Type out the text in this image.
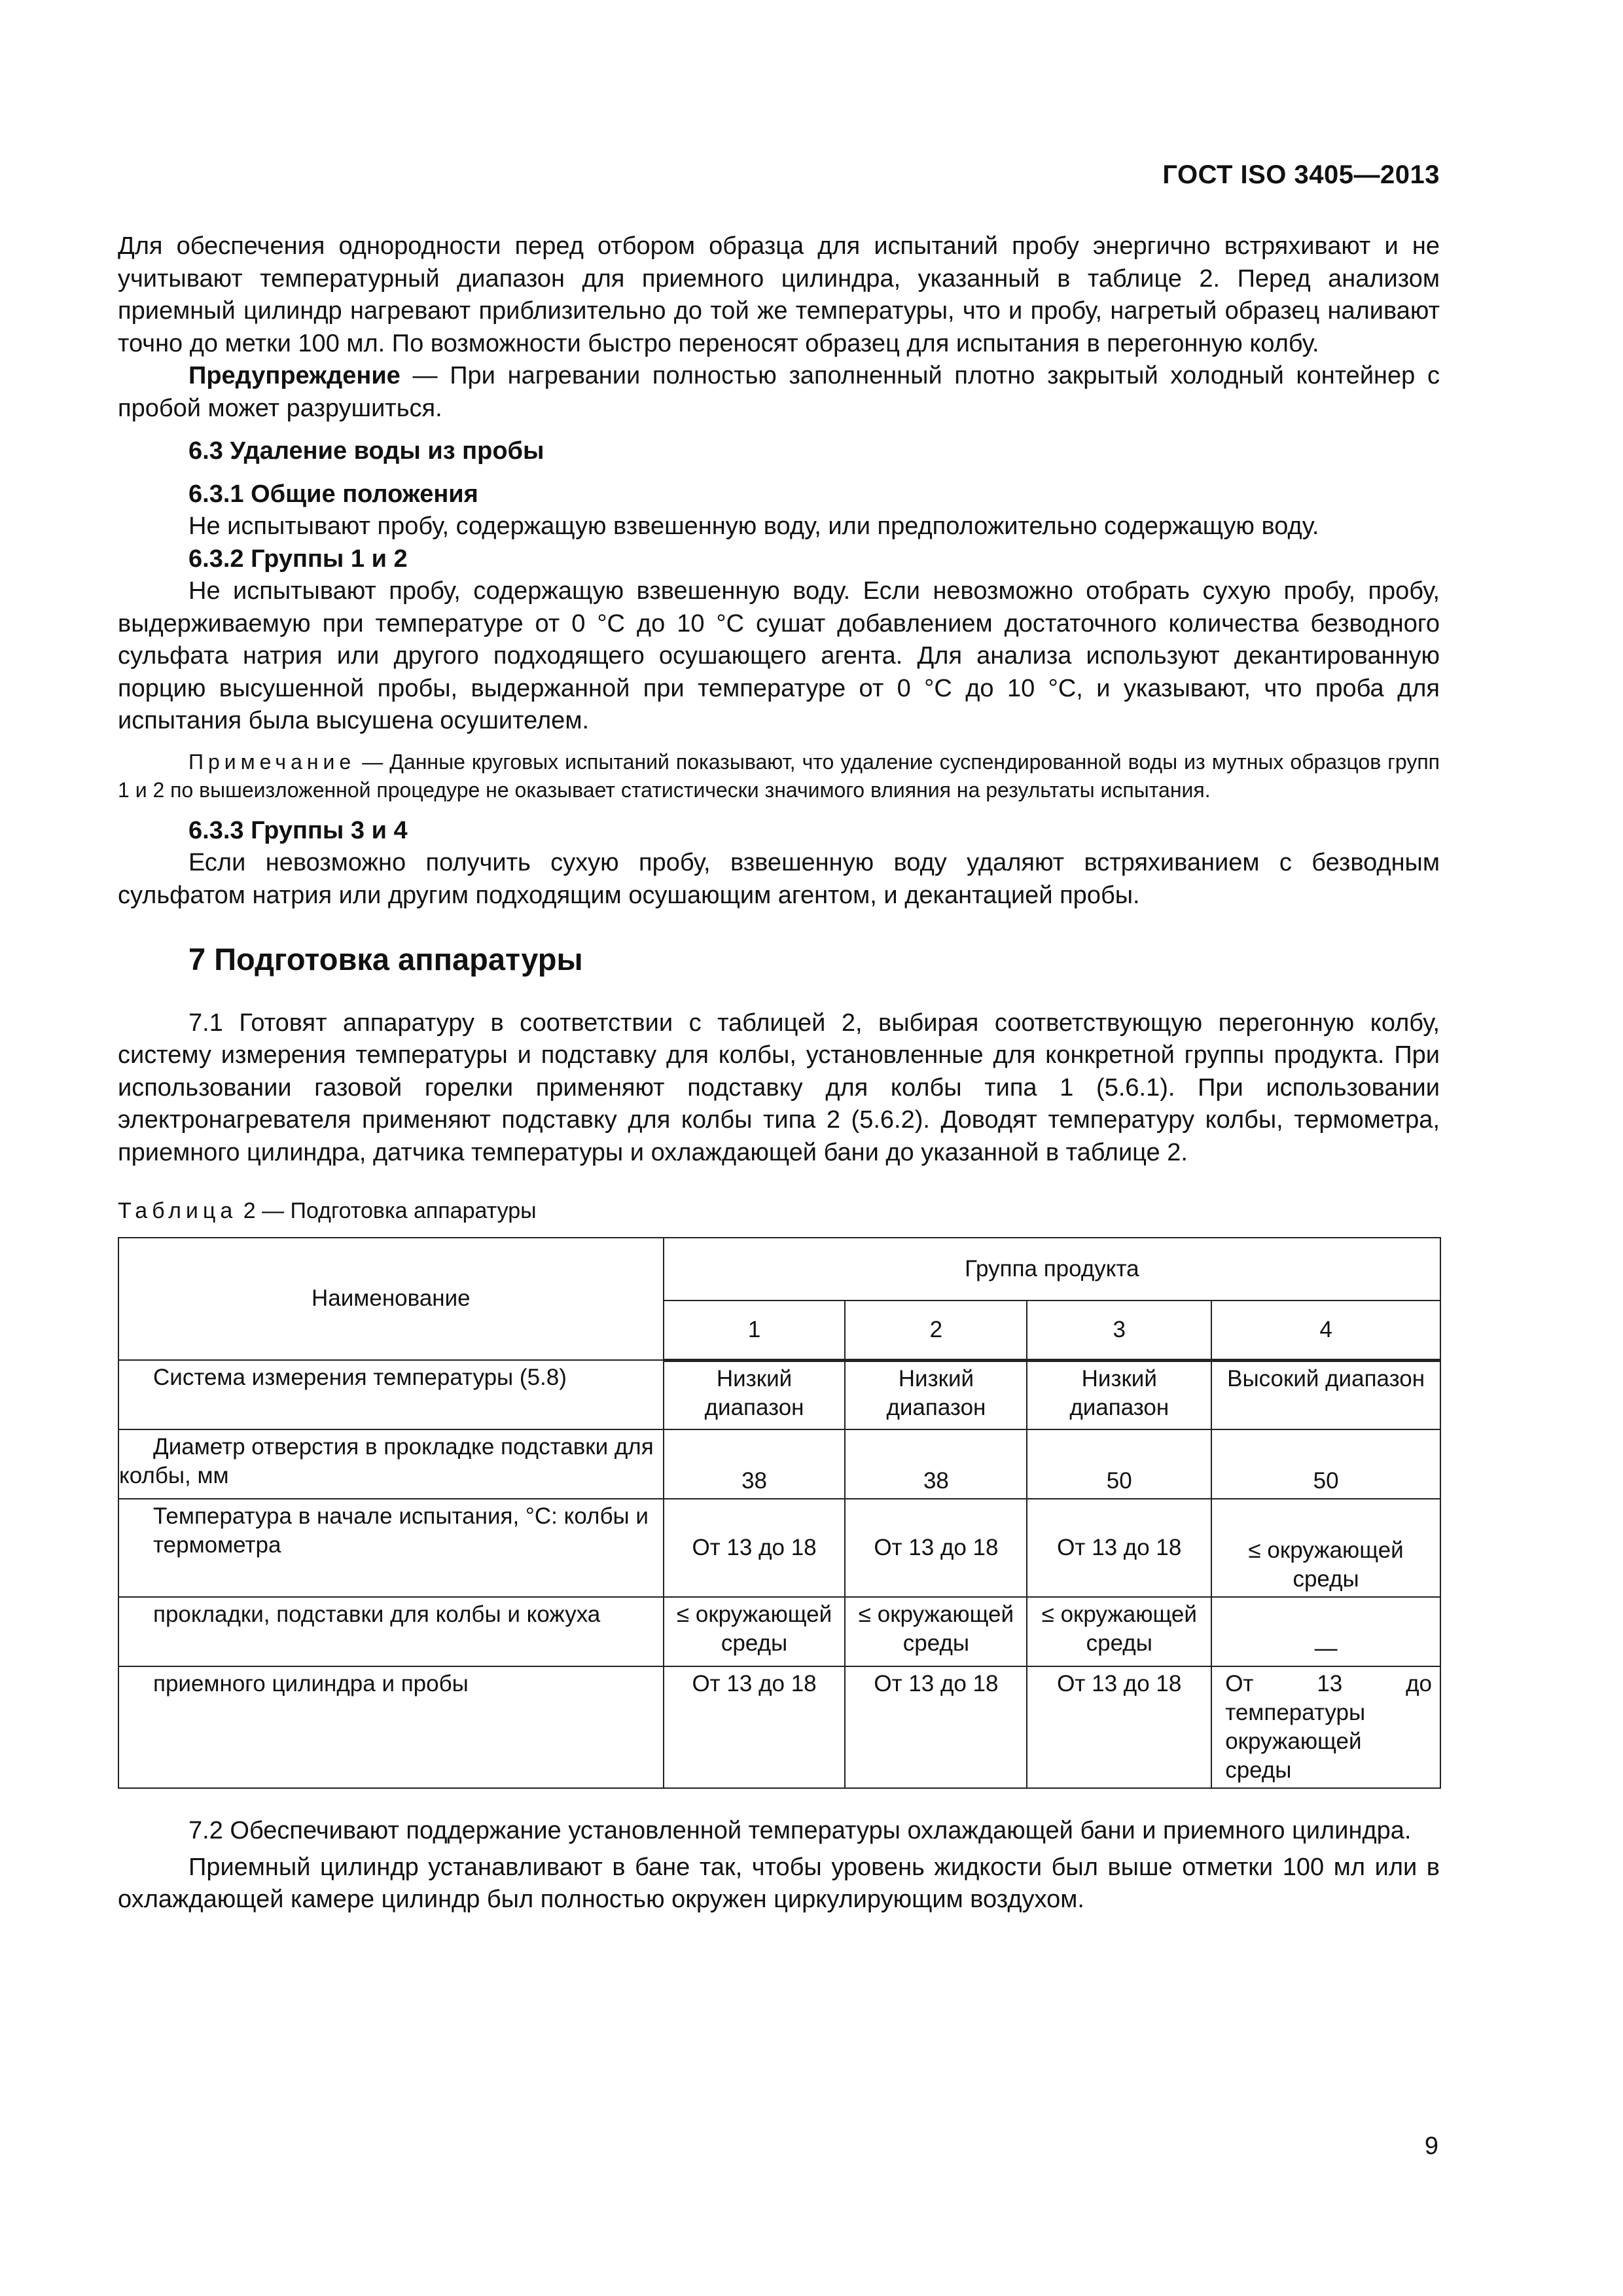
ГОСТ ISO 3405—2013

Для обеспечения однородности перед отбором образца для испытаний пробу энергично встряхивают и не учитывают температурный диапазон для приемного цилиндра, указанный в таблице 2. Перед анализом приемный цилиндр нагревают приблизительно до той же температуры, что и пробу, нагретый образец наливают точно до метки 100 мл. По возможности быстро переносят образец для испытания в перегонную колбу.

Предупреждение — При нагревании полностью заполненный плотно закрытый холодный контейнер с пробой может разрушиться.

6.3 Удаление воды из пробы

6.3.1 Общие положения

Не испытывают пробу, содержащую взвешенную воду, или предположительно содержащую воду.

6.3.2 Группы 1 и 2

Не испытывают пробу, содержащую взвешенную воду. Если невозможно отобрать сухую пробу, пробу, выдерживаемую при температуре от 0 °С до 10 °С сушат добавлением достаточного количества безводного сульфата натрия или другого подходящего осушающего агента. Для анализа используют декантированную порцию высушенной пробы, выдержанной при температуре от 0 °С до 10 °С, и указывают, что проба для испытания была высушена осушителем.

Примечание — Данные круговых испытаний показывают, что удаление суспендированной воды из мутных образцов групп 1 и 2 по вышеизложенной процедуре не оказывает статистически значимого влияния на результаты испытания.

6.3.3 Группы 3 и 4

Если невозможно получить сухую пробу, взвешенную воду удаляют встряхиванием с безводным сульфатом натрия или другим подходящим осушающим агентом, и декантацией пробы.

7 Подготовка аппаратуры

7.1 Готовят аппаратуру в соответствии с таблицей 2, выбирая соответствующую перегонную колбу, систему измерения температуры и подставку для колбы, установленные для конкретной группы продукта. При использовании газовой горелки применяют подставку для колбы типа 1 (5.6.1). При использовании электронагревателя применяют подставку для колбы типа 2 (5.6.2). Доводят температуру колбы, термометра, приемного цилиндра, датчика температуры и охлаждающей бани до указанной в таблице 2.

Таблица 2 — Подготовка аппаратуры

Наименование	Группа продукта			
	1	2	3	4
Система измерения температуры (5.8)	Низкий диапазон	Низкий диапазон	Низкий диапазон	Высокий диапазон

Диаметр отверстия в прокладке подставки для колбы, мм	38	38	50	50
Температура в начале испытания, °С: колбы и термометра	От 13 до 18	От 13 до 18	От 13 до 18	≤ окружающей среды
прокладки, подставки для колбы и кожуха	≤ окружающей среды	≤ окружающей среды	≤ окружающей среды	—
приемного цилиндра и пробы	От 13 до 18	От 13 до 18	От 13 до 18	От 13 до температуры окружающей среды

7.2 Обеспечивают поддержание установленной температуры охлаждающей бани и приемного цилиндра.

Приемный цилиндр устанавливают в бане так, чтобы уровень жидкости был выше отметки 100 мл или в охлаждающей камере цилиндр был полностью окружен циркулирующим воздухом.

9
